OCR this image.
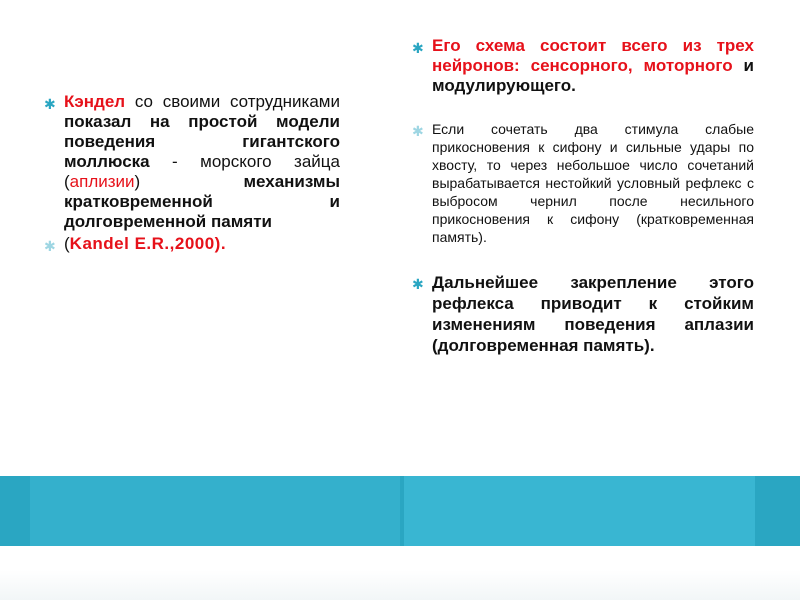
✱ Кэндел со своими сотрудниками показал на простой модели поведения гигантского моллюска - морского зайца (аплизии) механизмы кратковременной и долговременной памяти
✱ (Kandel E.R.,2000).
✱ Его схема состоит всего из трех нейронов: сенсорного, моторного и модулирующего.
✱ Если сочетать два стимула слабые прикосновения к сифону и сильные удары по хвосту, то через небольшое число сочетаний вырабатывается нестойкий условный рефлекс с выбросом чернил после несильного прикосновения к сифону (кратковременная память).
✱ Дальнейшее закрепление этого рефлекса приводит к стойким изменениям поведения аплазии (долговременная память).
